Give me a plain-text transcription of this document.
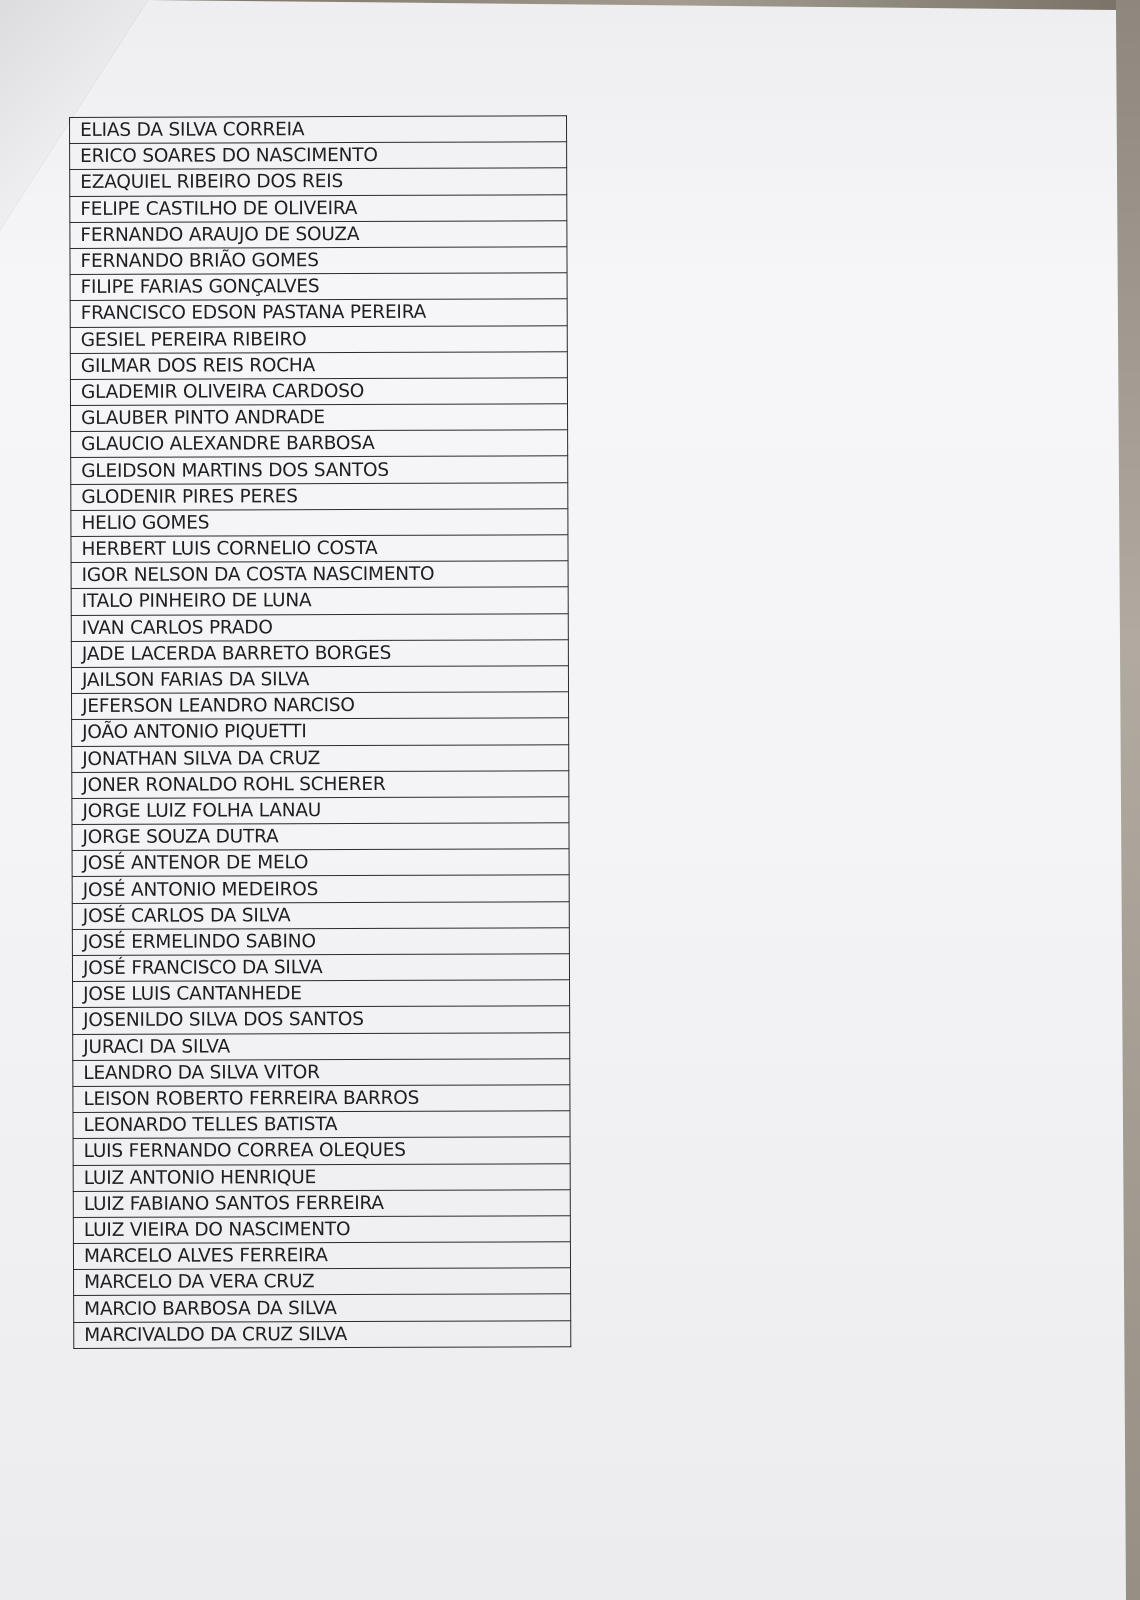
ELIAS DA SILVA CORREIA
ERICO SOARES DO NASCIMENTO
EZAQUIEL RIBEIRO DOS REIS
FELIPE CASTILHO DE OLIVEIRA
FERNANDO ARAUJO DE SOUZA
FERNANDO BRIÃO GOMES
FILIPE FARIAS GONÇALVES
FRANCISCO EDSON PASTANA PEREIRA
GESIEL PEREIRA RIBEIRO
GILMAR DOS REIS ROCHA
GLADEMIR OLIVEIRA CARDOSO
GLAUBER PINTO ANDRADE
GLAUCIO ALEXANDRE BARBOSA
GLEIDSON MARTINS DOS SANTOS
GLODENIR PIRES PERES
HELIO GOMES
HERBERT LUIS CORNELIO COSTA
IGOR NELSON DA COSTA NASCIMENTO
ITALO PINHEIRO DE LUNA
IVAN CARLOS PRADO
JADE LACERDA BARRETO BORGES
JAILSON FARIAS DA SILVA
JEFERSON LEANDRO NARCISO
JOÃO ANTONIO PIQUETTI
JONATHAN SILVA DA CRUZ
JONER RONALDO ROHL SCHERER
JORGE LUIZ FOLHA LANAU
JORGE SOUZA DUTRA
JOSÉ ANTENOR DE MELO
JOSÉ ANTONIO MEDEIROS
JOSÉ CARLOS DA SILVA
JOSÉ ERMELINDO SABINO
JOSÉ FRANCISCO DA SILVA
JOSE LUIS CANTANHEDE
JOSENILDO SILVA DOS SANTOS
JURACI DA SILVA
LEANDRO DA SILVA VITOR
LEISON ROBERTO FERREIRA BARROS
LEONARDO TELLES BATISTA
LUIS FERNANDO CORREA OLEQUES
LUIZ ANTONIO HENRIQUE
LUIZ FABIANO SANTOS FERREIRA
LUIZ VIEIRA DO NASCIMENTO
MARCELO ALVES FERREIRA
MARCELO DA VERA CRUZ
MARCIO BARBOSA DA SILVA
MARCIVALDO DA CRUZ SILVA
